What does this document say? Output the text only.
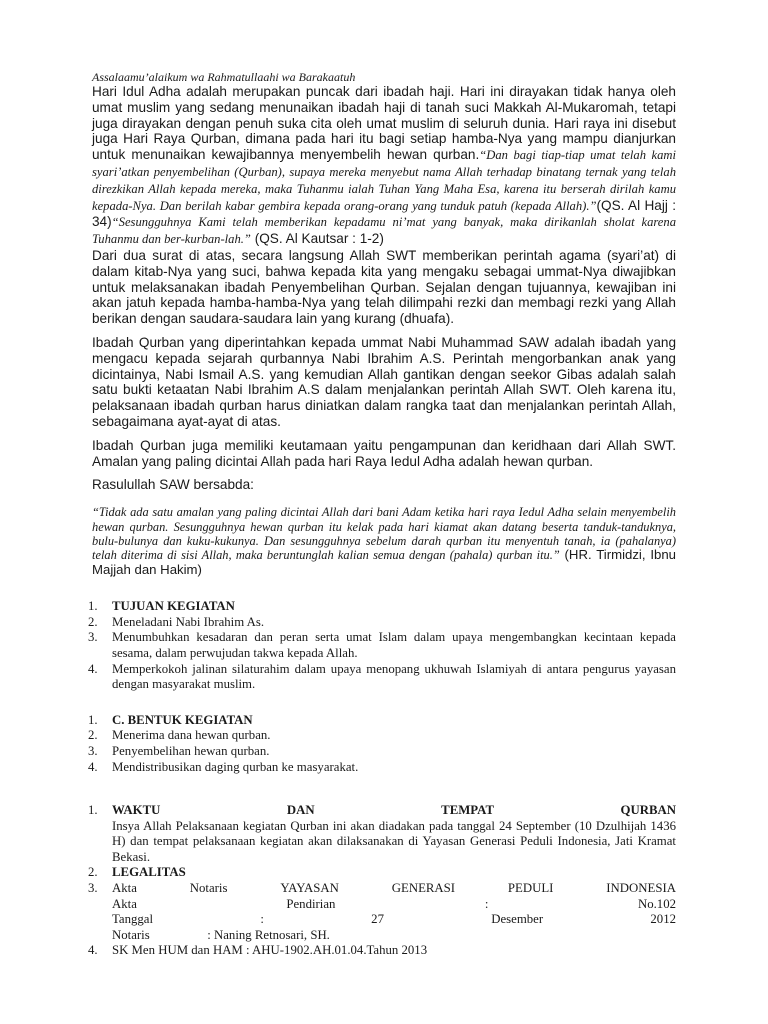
Assalaamu’alaikum wa Rahmatullaahi wa Barakaatuh

Hari Idul Adha adalah merupakan puncak dari ibadah haji. Hari ini dirayakan tidak hanya oleh umat muslim yang sedang menunaikan ibadah haji di tanah suci Makkah Al-Mukaromah, tetapi juga dirayakan dengan penuh suka cita oleh umat muslim di seluruh dunia. Hari raya ini disebut juga Hari Raya Qurban, dimana pada hari itu bagi setiap hamba-Nya yang mampu dianjurkan untuk menunaikan kewajibannya menyembelih hewan qurban.“Dan bagi tiap-tiap umat telah kami syari’atkan penyembelihan (Qurban), supaya mereka menyebut nama Allah terhadap binatang ternak yang telah direzkikan Allah kepada mereka, maka Tuhanmu ialah Tuhan Yang Maha Esa, karena itu berserah dirilah kamu kepada-Nya. Dan berilah kabar gembira kepada orang-orang yang tunduk patuh (kepada Allah).”(QS. Al Hajj : 34)“Sesungguhnya Kami telah memberikan kepadamu ni’mat yang banyak, maka dirikanlah sholat karena Tuhanmu dan ber-kurban-lah.” (QS. Al Kautsar : 1-2)

Dari dua surat di atas, secara langsung Allah SWT memberikan perintah agama (syari’at) di dalam kitab-Nya yang suci, bahwa kepada kita yang mengaku sebagai ummat-Nya diwajibkan untuk melaksanakan ibadah Penyembelihan Qurban. Sejalan dengan tujuannya, kewajiban ini akan jatuh kepada hamba-hamba-Nya yang telah dilimpahi rezki dan membagi rezki yang Allah berikan dengan saudara-saudara lain yang kurang (dhuafa).

Ibadah Qurban yang diperintahkan kepada ummat Nabi Muhammad SAW adalah ibadah yang mengacu kepada sejarah qurbannya Nabi Ibrahim A.S. Perintah mengorbankan anak yang dicintainya, Nabi Ismail A.S. yang kemudian Allah gantikan dengan seekor Gibas adalah salah satu bukti ketaatan Nabi Ibrahim A.S dalam menjalankan perintah Allah SWT. Oleh karena itu, pelaksanaan ibadah qurban harus diniatkan dalam rangka taat dan menjalankan perintah Allah, sebagaimana ayat-ayat di atas.

Ibadah Qurban juga memiliki keutamaan yaitu pengampunan dan keridhaan dari Allah SWT. Amalan yang paling dicintai Allah pada hari Raya Iedul Adha adalah hewan qurban.

Rasulullah SAW bersabda:

“Tidak ada satu amalan yang paling dicintai Allah dari bani Adam ketika hari raya Iedul Adha selain menyembelih hewan qurban. Sesungguhnya hewan qurban itu kelak pada hari kiamat akan datang beserta tanduk-tanduknya, bulu-bulunya dan kuku-kukunya. Dan sesungguhnya sebelum darah qurban itu menyentuh tanah, ia (pahalanya) telah diterima di sisi Allah, maka beruntunglah kalian semua dengan (pahala) qurban itu.” (HR. Tirmidzi, Ibnu Majjah dan Hakim)

1. TUJUAN KEGIATAN
2. Meneladani Nabi Ibrahim As.
3. Menumbuhkan kesadaran dan peran serta umat Islam dalam upaya mengembangkan kecintaan kepada sesama, dalam perwujudan takwa kepada Allah.
4. Memperkokoh jalinan silaturahim dalam upaya menopang ukhuwah Islamiyah di antara pengurus yayasan dengan masyarakat muslim.
1. C. BENTUK KEGIATAN
2. Menerima dana hewan qurban.
3. Penyembelihan hewan qurban.
4. Mendistribusikan daging qurban ke masyarakat.
1. WAKTU	DAN	TEMPAT	QURBAN
Insya Allah Pelaksanaan kegiatan Qurban ini akan diadakan pada tanggal 24 September (10 Dzulhijah 1436 H) dan tempat pelaksanaan kegiatan akan dilaksanakan di Yayasan Generasi Peduli Indonesia, Jati Kramat Bekasi.
2. LEGALITAS
3. Akta	Notaris	YAYASAN	GENERASI	PEDULI	INDONESIA
Akta	Pendirian	:	No.102
Tanggal	:	27	Desember	2012
Notaris                  : Naning Retnosari, SH.
4. SK Men HUM dan HAM : AHU-1902.AH.01.04.Tahun 2013
